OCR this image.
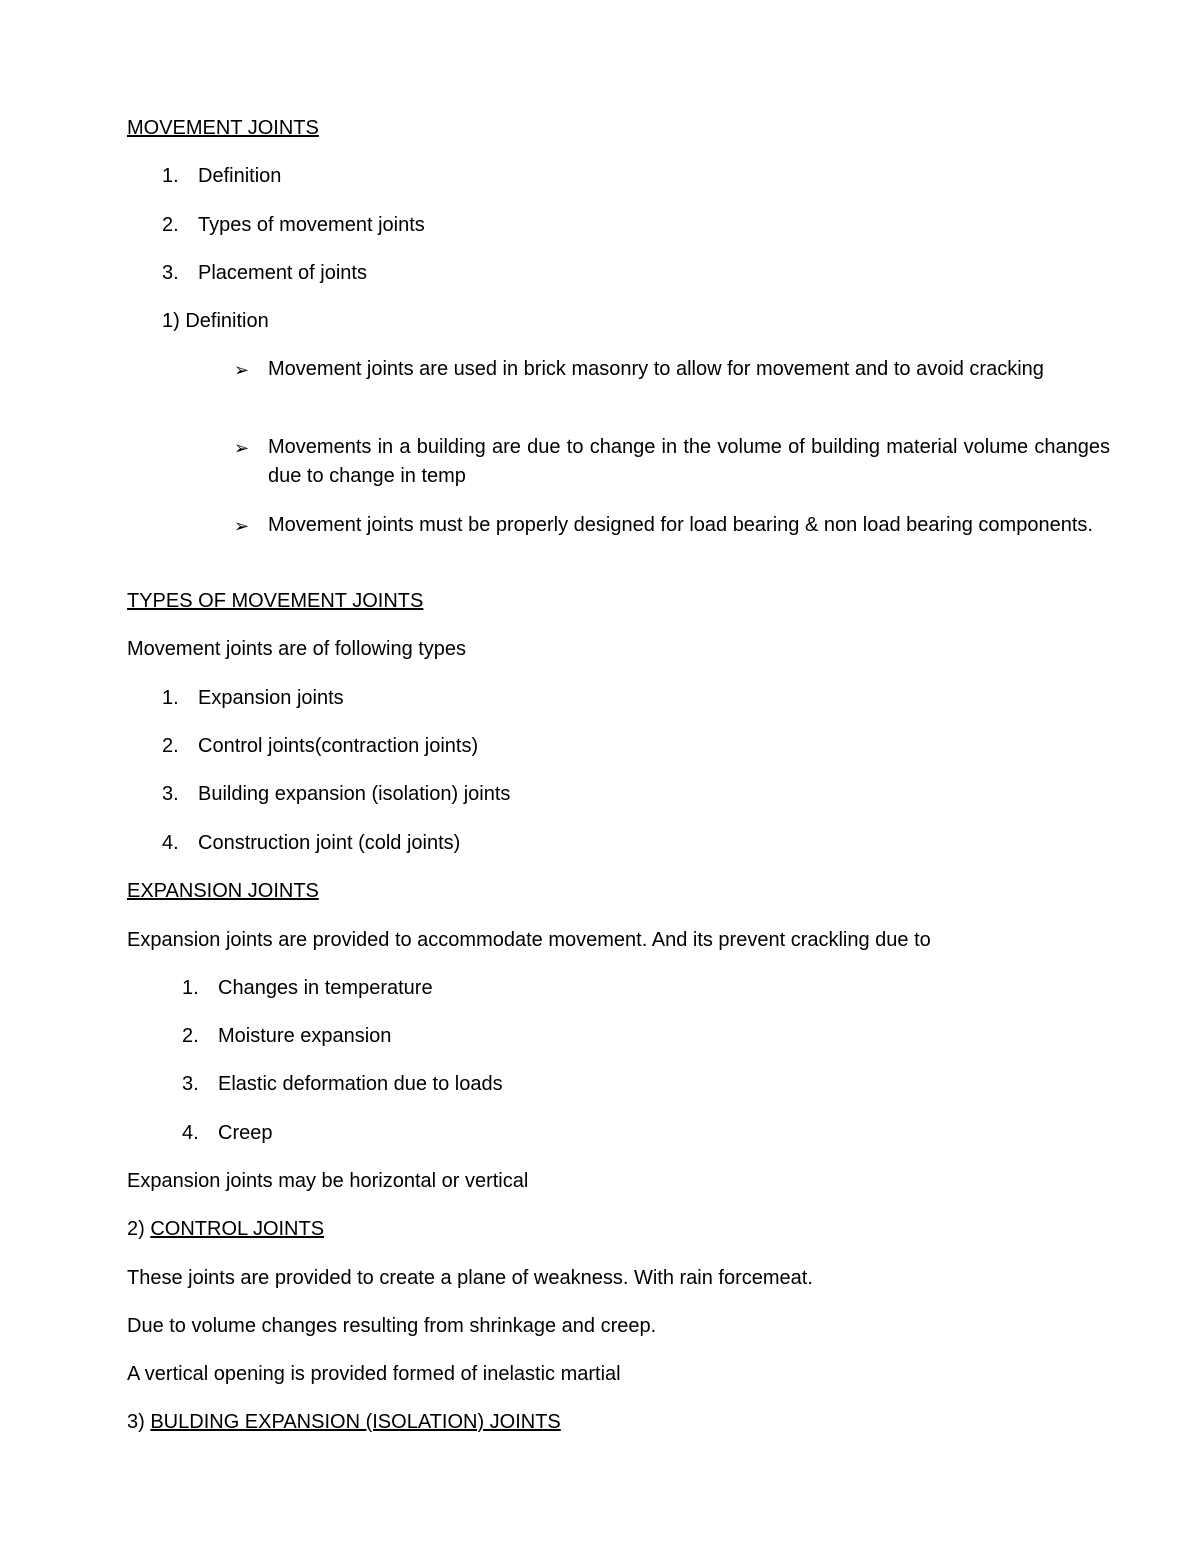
MOVEMENT JOINTS
1. Definition
2. Types of movement joints
3. Placement of joints
1) Definition
➢ Movement joints are used in brick masonry to allow for movement and to avoid cracking
➢ Movements in a building are due to change in the volume of building material volume changes due to change in temp
➢ Movement joints must be properly designed for load bearing & non load bearing components.
TYPES OF MOVEMENT JOINTS
Movement joints are of following types
1. Expansion joints
2. Control joints(contraction joints)
3. Building expansion (isolation) joints
4. Construction joint (cold joints)
EXPANSION JOINTS
Expansion joints are provided to accommodate movement. And its prevent crackling due to
1. Changes in temperature
2. Moisture expansion
3. Elastic deformation due to loads
4. Creep
Expansion joints may be horizontal or vertical
2) CONTROL JOINTS
These joints are provided to create a plane of weakness. With rain forcemeat.
Due to volume changes resulting from shrinkage and creep.
A vertical opening is provided formed of inelastic martial
3) BULDING EXPANSION (ISOLATION) JOINTS
